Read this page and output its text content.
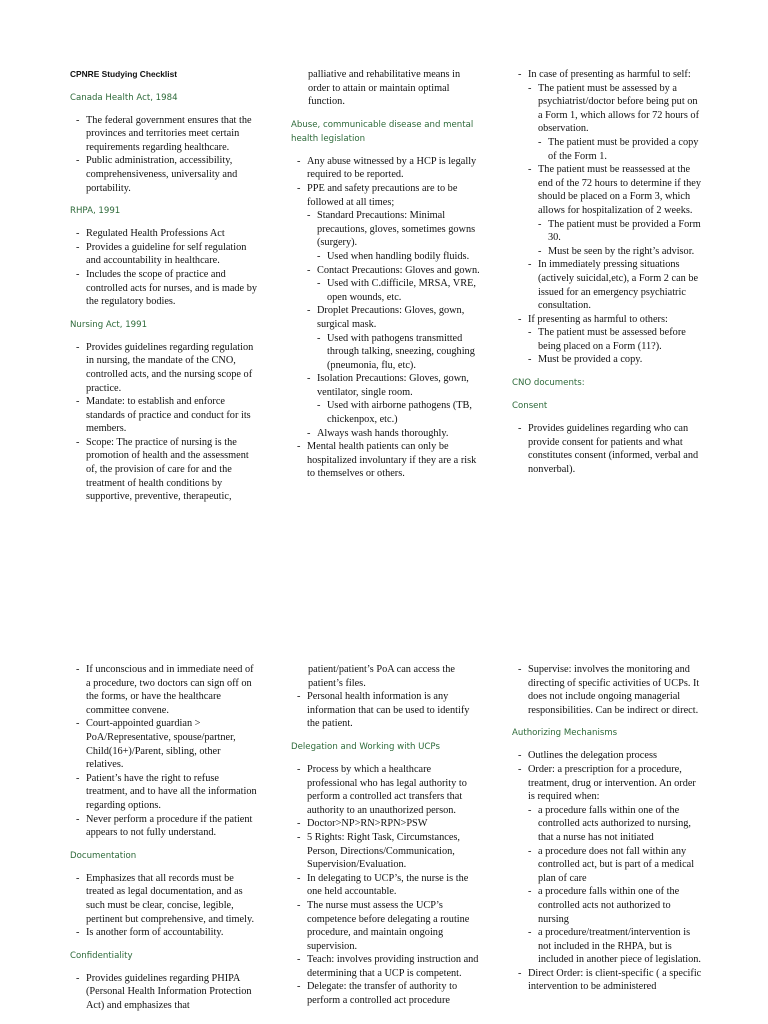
CPNRE Studying Checklist
Canada Health Act, 1984
- The federal government ensures that the provinces and territories meet certain requirements regarding healthcare.
- Public administration, accessibility, comprehensiveness, universality and portability.
RHPA, 1991
- Regulated Health Professions Act
- Provides a guideline for self regulation and accountability in healthcare.
- Includes the scope of practice and controlled acts for nurses, and is made by the regulatory bodies.
Nursing Act, 1991
- Provides guidelines regarding regulation in nursing, the mandate of the CNO, controlled acts, and the nursing scope of practice.
- Mandate: to establish and enforce standards of practice and conduct for its members.
- Scope: The practice of nursing is the promotion of health and the assessment of, the provision of care for and the treatment of health conditions by supportive, preventive, therapeutic,
palliative and rehabilitative means in order to attain or maintain optimal function.
Abuse, communicable disease and mental health legislation
- Any abuse witnessed by a HCP is legally required to be reported.
- PPE and safety precautions are to be followed at all times;
- Standard Precautions: Minimal precautions, gloves, sometimes gowns (surgery).
- Used when handling bodily fluids.
- Contact Precautions: Gloves and gown.
- Used with C.difficile, MRSA, VRE, open wounds, etc.
- Droplet Precautions: Gloves, gown, surgical mask.
- Used with pathogens transmitted through talking, sneezing, coughing (pneumonia, flu, etc).
- Isolation Precautions: Gloves, gown, ventilator, single room.
- Used with airborne pathogens (TB, chickenpox, etc.)
- Always wash hands thoroughly.
- Mental health patients can only be hospitalized involuntary if they are a risk to themselves or others.
- In case of presenting as harmful to self:
- The patient must be assessed by a psychiatrist/doctor before being put on a Form 1, which allows for 72 hours of observation.
- The patient must be provided a copy of the Form 1.
- The patient must be reassessed at the end of the 72 hours to determine if they should be placed on a Form 3, which allows for hospitalization of 2 weeks.
- The patient must be provided a Form 30.
- Must be seen by the right’s advisor.
- In immediately pressing situations (actively suicidal,etc), a Form 2 can be issued for an emergency psychiatric consultation.
- If presenting as harmful to others:
- The patient must be assessed before being placed on a Form (11?).
- Must be provided a copy.
CNO documents:
Consent
- Provides guidelines regarding who can provide consent for patients and what constitutes consent (informed, verbal and nonverbal).
- If unconscious and in immediate need of a procedure, two doctors can sign off on the forms, or have the healthcare committee convene.
- Court-appointed guardian > PoA/Representative, spouse/partner, Child(16+)/Parent, sibling, other relatives.
- Patient’s have the right to refuse treatment, and to have all the information regarding options.
- Never perform a procedure if the patient appears to not fully understand.
Documentation
- Emphasizes that all records must be treated as legal documentation, and as such must be clear, concise, legible, pertinent but comprehensive, and timely.
- Is another form of accountability.
Confidentiality
- Provides guidelines regarding PHIPA (Personal Health Information Protection Act) and emphasizes that
patient/patient’s PoA can access the patient’s files.
- Personal health information is any information that can be used to identify the patient.
Delegation and Working with UCPs
- Process by which a healthcare professional who has legal authority to perform a controlled act transfers that authority to an unauthorized person.
- Doctor>NP>RN>RPN>PSW
- 5 Rights: Right Task, Circumstances, Person, Directions/Communication, Supervision/Evaluation.
- In delegating to UCP’s, the nurse is the one held accountable.
- The nurse must assess the UCP’s competence before delegating a routine procedure, and maintain ongoing supervision.
- Teach: involves providing instruction and determining that a UCP is competent.
- Delegate: the transfer of authority to perform a controlled act procedure
- Supervise: involves the monitoring and directing of specific activities of UCPs. It does not include ongoing managerial responsibilities. Can be indirect or direct.
Authorizing Mechanisms
- Outlines the delegation process
- Order: a prescription for a procedure, treatment, drug or intervention. An order is required when:
- a procedure falls within one of the controlled acts authorized to nursing, that a nurse has not initiated
- a procedure does not fall within any controlled act, but is part of a medical plan of care
- a procedure falls within one of the controlled acts not authorized to nursing
- a procedure/treatment/intervention is not included in the RHPA, but is included in another piece of legislation.
- Direct Order: is client-specific ( a specific intervention to be administered
